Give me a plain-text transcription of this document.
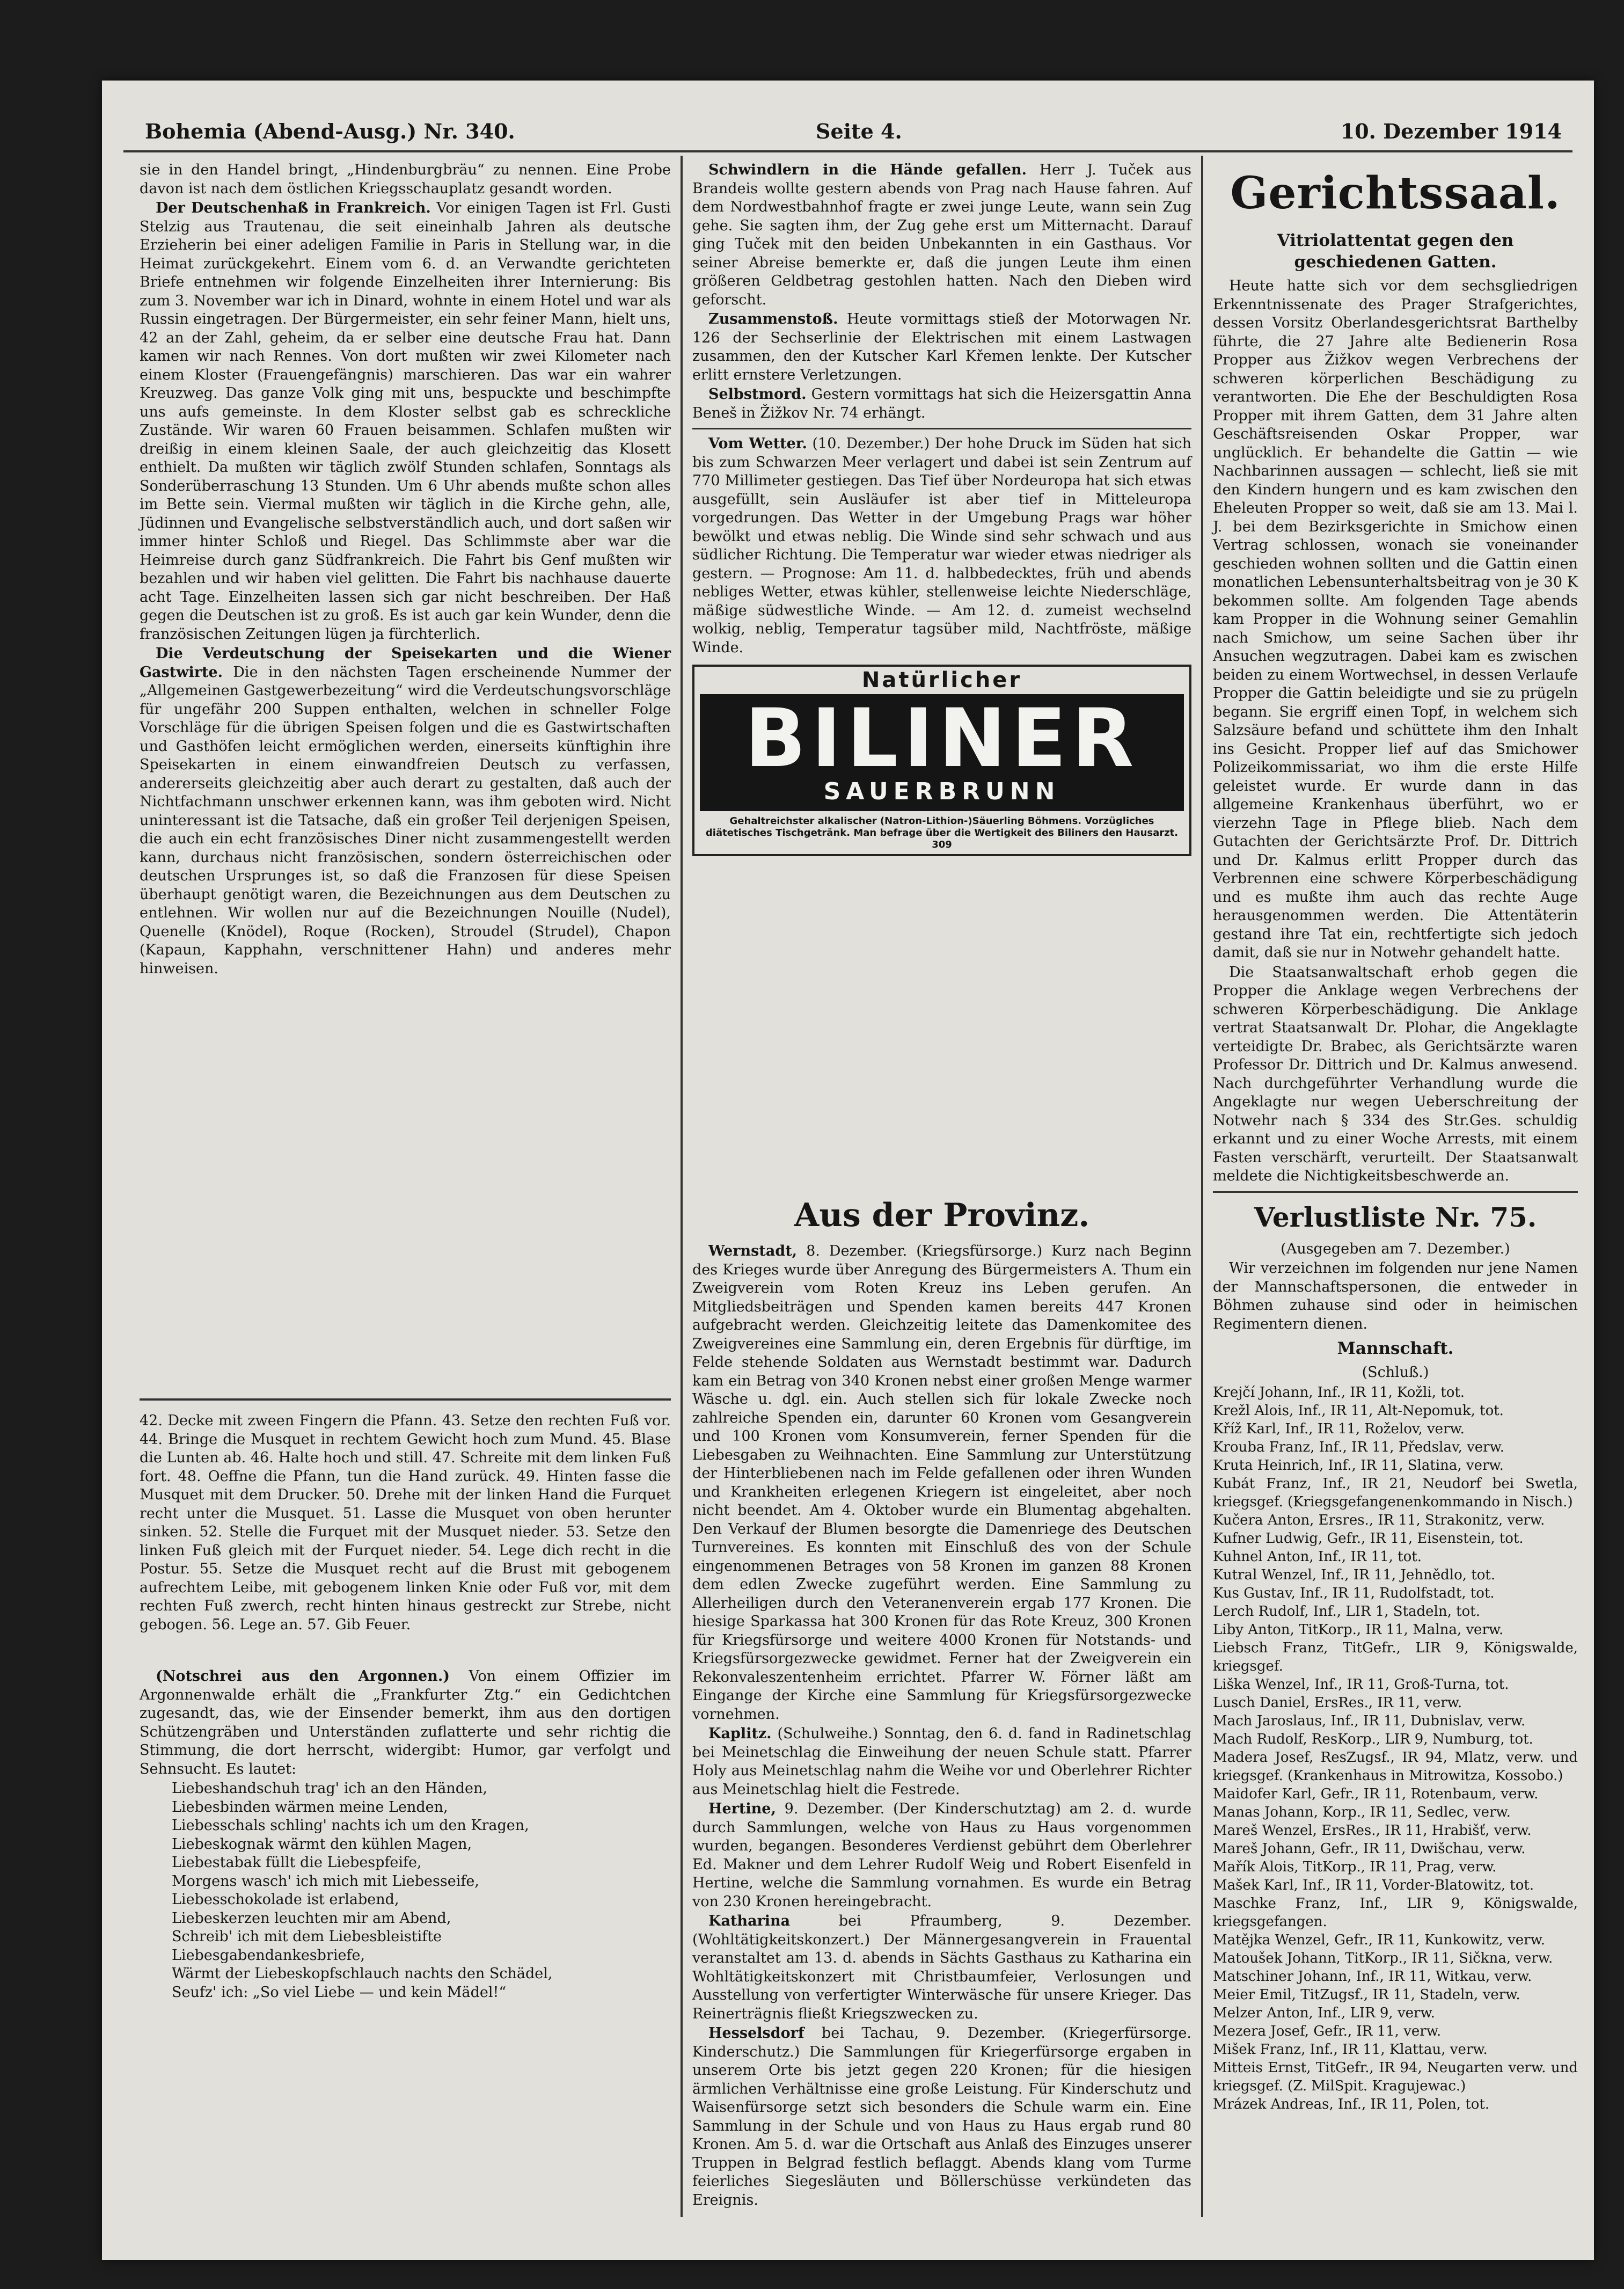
Bohemia (Abend-Ausg.) Nr. 340.	Seite 4.	10. Dezember 1914

sie in den Handel bringt, „Hindenburgbräu“ zu nennen. Eine Probe davon ist nach dem östlichen Kriegsschauplatz gesandt worden.

Der Deutschenhaß in Frankreich. Vor einigen Tagen ist Frl. Gusti Stelzig aus Trautenau, die seit eineinhalb Jahren als deutsche Erzieherin bei einer adeligen Familie in Paris in Stellung war, in die Heimat zurückgekehrt. Einem vom 6. d. an Verwandte gerichteten Briefe entnehmen wir folgende Einzelheiten ihrer Internierung: Bis zum 3. November war ich in Dinard, wohnte in einem Hotel und war als Russin eingetragen. Der Bürgermeister, ein sehr feiner Mann, hielt uns, 42 an der Zahl, geheim, da er selber eine deutsche Frau hat. Dann kamen wir nach Rennes. Von dort mußten wir zwei Kilometer nach einem Kloster (Frauengefängnis) marschieren. Das war ein wahrer Kreuzweg. Das ganze Volk ging mit uns, bespuckte und beschimpfte uns aufs gemeinste. In dem Kloster selbst gab es schreckliche Zustände. Wir waren 60 Frauen beisammen. Schlafen mußten wir dreißig in einem kleinen Saale, der auch gleichzeitig das Klosett enthielt. Da mußten wir täglich zwölf Stunden schlafen, Sonntags als Sonderüberraschung 13 Stunden. Um 6 Uhr abends mußte schon alles im Bette sein. Viermal mußten wir täglich in die Kirche gehn, alle, Jüdinnen und Evangelische selbstverständlich auch, und dort saßen wir immer hinter Schloß und Riegel. Das Schlimmste aber war die Heimreise durch ganz Südfrankreich. Die Fahrt bis Genf mußten wir bezahlen und wir haben viel gelitten. Die Fahrt bis nachhause dauerte acht Tage. Einzelheiten lassen sich gar nicht beschreiben. Der Haß gegen die Deutschen ist zu groß. Es ist auch gar kein Wunder, denn die französischen Zeitungen lügen ja fürchterlich.

Die Verdeutschung der Speisekarten und die Wiener Gastwirte. Die in den nächsten Tagen erscheinende Nummer der „Allgemeinen Gastgewerbezeitung“ wird die Verdeutschungsvorschläge für ungefähr 200 Suppen enthalten, welchen in schneller Folge Vorschläge für die übrigen Speisen folgen und die es Gastwirtschaften und Gasthöfen leicht ermöglichen werden, einerseits künftighin ihre Speisekarten in einem einwandfreien Deutsch zu verfassen, andererseits gleichzeitig aber auch derart zu gestalten, daß auch der Nichtfachmann unschwer erkennen kann, was ihm geboten wird. Nicht uninteressant ist die Tatsache, daß ein großer Teil derjenigen Speisen, die auch ein echt französisches Diner nicht zusammengestellt werden kann, durchaus nicht französischen, sondern österreichischen oder deutschen Ursprunges ist, so daß die Franzosen für diese Speisen überhaupt genötigt waren, die Bezeichnungen aus dem Deutschen zu entlehnen. Wir wollen nur auf die Bezeichnungen Nouille (Nudel), Quenelle (Knödel), Roque (Rocken), Stroudel (Strudel), Chapon (Kapaun, Kapphahn, verschnittener Hahn) und anderes mehr hinweisen.

42. Decke mit zween Fingern die Pfann. 43. Setze den rechten Fuß vor. 44. Bringe die Musquet in rechtem Gewicht hoch zum Mund. 45. Blase die Lunten ab. 46. Halte hoch und still. 47. Schreite mit dem linken Fuß fort. 48. Oeffne die Pfann, tun die Hand zurück. 49. Hinten fasse die Musquet mit dem Drucker. 50. Drehe mit der linken Hand die Furquet recht unter die Musquet. 51. Lasse die Musquet von oben herunter sinken. 52. Stelle die Furquet mit der Musquet nieder. 53. Setze den linken Fuß gleich mit der Furquet nieder. 54. Lege dich recht in die Postur. 55. Setze die Musquet recht auf die Brust mit gebogenem aufrechtem Leibe, mit gebogenem linken Knie oder Fuß vor, mit dem rechten Fuß zwerch, recht hinten hinaus gestreckt zur Strebe, nicht gebogen. 56. Lege an. 57. Gib Feuer.

(Notschrei aus den Argonnen.) Von einem Offizier im Argonnenwalde erhält die „Frankfurter Ztg.“ ein Gedichtchen zugesandt, das, wie der Einsender bemerkt, ihm aus den dortigen Schützengräben und Unterständen zuflatterte und sehr richtig die Stimmung, die dort herrscht, widergibt: Humor, gar verfolgt und Sehnsucht. Es lautet:

Liebeshandschuh trag' ich an den Händen,
Liebesbinden wärmen meine Lenden,
Liebesschals schling' nachts ich um den Kragen,
Liebeskognak wärmt den kühlen Magen,
Liebestabak füllt die Liebespfeife,
Morgens wasch' ich mich mit Liebesseife,
Liebesschokolade ist erlabend,
Liebeskerzen leuchten mir am Abend,
Schreib' ich mit dem Liebesbleistifte
Liebesgabendankesbriefe,
Wärmt der Liebeskopfschlauch nachts den Schädel,
Seufz' ich: „So viel Liebe — und kein Mädel!“

Schwindlern in die Hände gefallen. Herr J. Tuček aus Brandeis wollte gestern abends von Prag nach Hause fahren. Auf dem Nordwestbahnhof fragte er zwei junge Leute, wann sein Zug gehe. Sie sagten ihm, der Zug gehe erst um Mitternacht. Darauf ging Tuček mit den beiden Unbekannten in ein Gasthaus. Vor seiner Abreise bemerkte er, daß die jungen Leute ihm einen größeren Geldbetrag gestohlen hatten. Nach den Dieben wird geforscht.

Zusammenstoß. Heute vormittags stieß der Motorwagen Nr. 126 der Sechserlinie der Elektrischen mit einem Lastwagen zusammen, den der Kutscher Karl Křemen lenkte. Der Kutscher erlitt ernstere Verletzungen.

Selbstmord. Gestern vormittags hat sich die Heizersgattin Anna Beneš in Žižkov Nr. 74 erhängt.

Vom Wetter. (10. Dezember.) Der hohe Druck im Süden hat sich bis zum Schwarzen Meer verlagert und dabei ist sein Zentrum auf 770 Millimeter gestiegen. Das Tief über Nordeuropa hat sich etwas ausgefüllt, sein Ausläufer ist aber tief in Mitteleuropa vorgedrungen. Das Wetter in der Umgebung Prags war höher bewölkt und etwas neblig. Die Winde sind sehr schwach und aus südlicher Richtung. Die Temperatur war wieder etwas niedriger als gestern. — Prognose: Am 11. d. halbbedecktes, früh und abends nebliges Wetter, etwas kühler, stellenweise leichte Niederschläge, mäßige südwestliche Winde. — Am 12. d. zumeist wechselnd wolkig, neblig, Temperatur tagsüber mild, Nachtfröste, mäßige Winde.

Natürlicher
BILINER
SAUERBRUNN
Gehaltreichster alkalischer (Natron-Lithion-)Säuerling Böhmens. Vorzügliches diätetisches Tischgetränk. Man befrage über die Wertigkeit des Biliners den Hausarzt. 309
Aus der Provinz.

Wernstadt, 8. Dezember. (Kriegsfürsorge.) Kurz nach Beginn des Krieges wurde über Anregung des Bürgermeisters A. Thum ein Zweigverein vom Roten Kreuz ins Leben gerufen. An Mitgliedsbeiträgen und Spenden kamen bereits 447 Kronen aufgebracht werden. Gleichzeitig leitete das Damenkomitee des Zweigvereines eine Sammlung ein, deren Ergebnis für dürftige, im Felde stehende Soldaten aus Wernstadt bestimmt war. Dadurch kam ein Betrag von 340 Kronen nebst einer großen Menge warmer Wäsche u. dgl. ein. Auch stellen sich für lokale Zwecke noch zahlreiche Spenden ein, darunter 60 Kronen vom Gesangverein und 100 Kronen vom Konsumverein, ferner Spenden für die Liebesgaben zu Weihnachten. Eine Sammlung zur Unterstützung der Hinterbliebenen nach im Felde gefallenen oder ihren Wunden und Krankheiten erlegenen Kriegern ist eingeleitet, aber noch nicht beendet. Am 4. Oktober wurde ein Blumentag abgehalten. Den Verkauf der Blumen besorgte die Damenriege des Deutschen Turnvereines. Es konnten mit Einschluß des von der Schule eingenommenen Betrages von 58 Kronen im ganzen 88 Kronen dem edlen Zwecke zugeführt werden. Eine Sammlung zu Allerheiligen durch den Veteranenverein ergab 177 Kronen. Die hiesige Sparkassa hat 300 Kronen für das Rote Kreuz, 300 Kronen für Kriegsfürsorge und weitere 4000 Kronen für Notstands- und Kriegsfürsorgezwecke gewidmet. Ferner hat der Zweigverein ein Rekonvaleszentenheim errichtet. Pfarrer W. Förner läßt am Eingange der Kirche eine Sammlung für Kriegsfürsorgezwecke vornehmen.

Kaplitz. (Schulweihe.) Sonntag, den 6. d. fand in Radinetschlag bei Meinetschlag die Einweihung der neuen Schule statt. Pfarrer Holy aus Meinetschlag nahm die Weihe vor und Oberlehrer Richter aus Meinetschlag hielt die Festrede.

Hertine, 9. Dezember. (Der Kinderschutztag) am 2. d. wurde durch Sammlungen, welche von Haus zu Haus vorgenommen wurden, begangen. Besonderes Verdienst gebührt dem Oberlehrer Ed. Makner und dem Lehrer Rudolf Weig und Robert Eisenfeld in Hertine, welche die Sammlung vornahmen. Es wurde ein Betrag von 230 Kronen hereingebracht.

Katharina	bei Pfraumberg, 9. Dezember. (Wohltätigkeitskonzert.) Der Männergesangverein in Frauental veranstaltet am 13. d. abends in Sächts Gasthaus zu Katharina ein Wohltätigkeitskonzert mit Christbaumfeier, Verlosungen und Ausstellung von verfertigter Winterwäsche für unsere Krieger. Das Reinerträgnis fließt Kriegszwecken zu.

Hesselsdorf bei Tachau, 9. Dezember. (Kriegerfürsorge. Kinderschutz.) Die Sammlungen für Kriegerfürsorge ergaben in unserem Orte bis jetzt gegen 220 Kronen; für die hiesigen ärmlichen Verhältnisse eine große Leistung. Für Kinderschutz und Waisenfürsorge setzt sich besonders die Schule warm ein. Eine Sammlung in der Schule und von Haus zu Haus ergab rund 80 Kronen. Am 5. d. war die Ortschaft aus Anlaß des Einzuges unserer Truppen in Belgrad festlich beflaggt. Abends klang vom Turme feierliches Siegesläuten und Böllerschüsse verkündeten das Ereignis.

Gerichtssaal.
Vitriolattentat gegen den geschiedenen Gatten.

Heute hatte sich vor dem sechsgliedrigen Erkenntnissenate des Prager Strafgerichtes, dessen Vorsitz Oberlandesgerichtsrat Barthelby führte, die 27 Jahre alte Bedienerin Rosa Propper aus Žižkov wegen Verbrechens der schweren körperlichen Beschädigung zu verantworten. Die Ehe der Beschuldigten Rosa Propper mit ihrem Gatten, dem 31 Jahre alten Geschäftsreisenden Oskar Propper, war unglücklich. Er behandelte die Gattin — wie Nachbarinnen aussagen — schlecht, ließ sie mit den Kindern hungern und es kam zwischen den Eheleuten Propper so weit, daß sie am 13. Mai l. J. bei dem Bezirksgerichte in Smichow einen Vertrag schlossen, wonach sie voneinander geschieden wohnen sollten und die Gattin einen monatlichen Lebensunterhaltsbeitrag von je 30 K bekommen sollte. Am folgenden Tage abends kam Propper in die Wohnung seiner Gemahlin nach Smichow, um seine Sachen über ihr Ansuchen wegzutragen. Dabei kam es zwischen beiden zu einem Wortwechsel, in dessen Verlaufe Propper die Gattin beleidigte und sie zu prügeln begann. Sie ergriff einen Topf, in welchem sich Salzsäure befand und schüttete ihm den Inhalt ins Gesicht. Propper lief auf das Smichower Polizeikommissariat, wo ihm die erste Hilfe geleistet wurde. Er wurde dann in das allgemeine Krankenhaus überführt, wo er vierzehn Tage in Pflege blieb. Nach dem Gutachten der Gerichtsärzte Prof. Dr. Dittrich und Dr. Kalmus erlitt Propper durch das Verbrennen eine schwere Körperbeschädigung und es mußte ihm auch das rechte Auge herausgenommen werden. Die Attentäterin gestand ihre Tat ein, rechtfertigte sich jedoch damit, daß sie nur in Notwehr gehandelt hatte.

Die Staatsanwaltschaft erhob gegen die Propper die Anklage wegen Verbrechens der schweren Körperbeschädigung. Die Anklage vertrat Staatsanwalt Dr. Plohar, die Angeklagte verteidigte Dr. Brabec, als Gerichtsärzte waren Professor Dr. Dittrich und Dr. Kalmus anwesend. Nach durchgeführter Verhandlung wurde die Angeklagte nur wegen Ueberschreitung der Notwehr nach § 334 des Str.Ges. schuldig erkannt und zu einer Woche Arrests, mit einem Fasten verschärft, verurteilt. Der Staatsanwalt meldete die Nichtigkeitsbeschwerde an.

Verlustliste Nr. 75.

(Ausgegeben am 7. Dezember.)

Wir verzeichnen im folgenden nur jene Namen der Mannschaftspersonen, die entweder in Böhmen zuhause sind oder in heimischen Regimentern dienen.

Mannschaft.

(Schluß.)

Krejčí Johann, Inf., IR 11, Kožli, tot.
Krežl Alois, Inf., IR 11, Alt-Nepomuk, tot.
Kříž Karl, Inf., IR 11, Roželov, verw.
Krouba Franz, Inf., IR 11, Předslav, verw.
Kruta Heinrich, Inf., IR 11, Slatina, verw.
Kubát Franz, Inf., IR 21, Neudorf bei Swetla, kriegsgef. (Kriegsgefangenenkommando in Nisch.)
Kučera Anton, Ersres., IR 11, Strakonitz, verw.
Kufner Ludwig, Gefr., IR 11, Eisenstein, tot.
Kuhnel Anton, Inf., IR 11, tot.
Kutral Wenzel, Inf., IR 11, Jehnědlo, tot.
Kus Gustav, Inf., IR 11, Rudolfstadt, tot.
Lerch Rudolf, Inf., LIR 1, Stadeln, tot.
Liby Anton, TitKorp., IR 11, Malna, verw.
Liebsch Franz, TitGefr., LIR 9, Königswalde, kriegsgef.
Liška Wenzel, Inf., IR 11, Groß-Turna, tot.
Lusch Daniel, ErsRes., IR 11, verw.
Mach Jaroslaus, Inf., IR 11, Dubnislav, verw.
Mach Rudolf, ResKorp., LIR 9, Numburg, tot.
Madera Josef, ResZugsf., IR 94, Mlatz, verw. und kriegsgef. (Krankenhaus in Mitrowitza, Kossobo.)
Maidofer Karl, Gefr., IR 11, Rotenbaum, verw.
Manas Johann, Korp., IR 11, Sedlec, verw.
Mareš Wenzel, ErsRes., IR 11, Hrabišť, verw.
Mareš Johann, Gefr., IR 11, Dwišchau, verw.
Mařík Alois, TitKorp., IR 11, Prag, verw.
Mašek Karl, Inf., IR 11, Vorder-Blatowitz, tot.
Maschke Franz, Inf., LIR 9, Königswalde, kriegsgefangen.
Matějka Wenzel, Gefr., IR 11, Kunkowitz, verw.
Matoušek Johann, TitKorp., IR 11, Sičkna, verw.
Matschiner Johann, Inf., IR 11, Witkau, verw.
Meier Emil, TitZugsf., IR 11, Stadeln, verw.
Melzer Anton, Inf., LIR 9, verw.
Mezera Josef, Gefr., IR 11, verw.
Mišek Franz, Inf., IR 11, Klattau, verw.
Mitteis Ernst, TitGefr., IR 94, Neugarten verw. und kriegsgef. (Z. MilSpit. Kragujewac.)
Mrázek Andreas, Inf., IR 11, Polen, tot.
